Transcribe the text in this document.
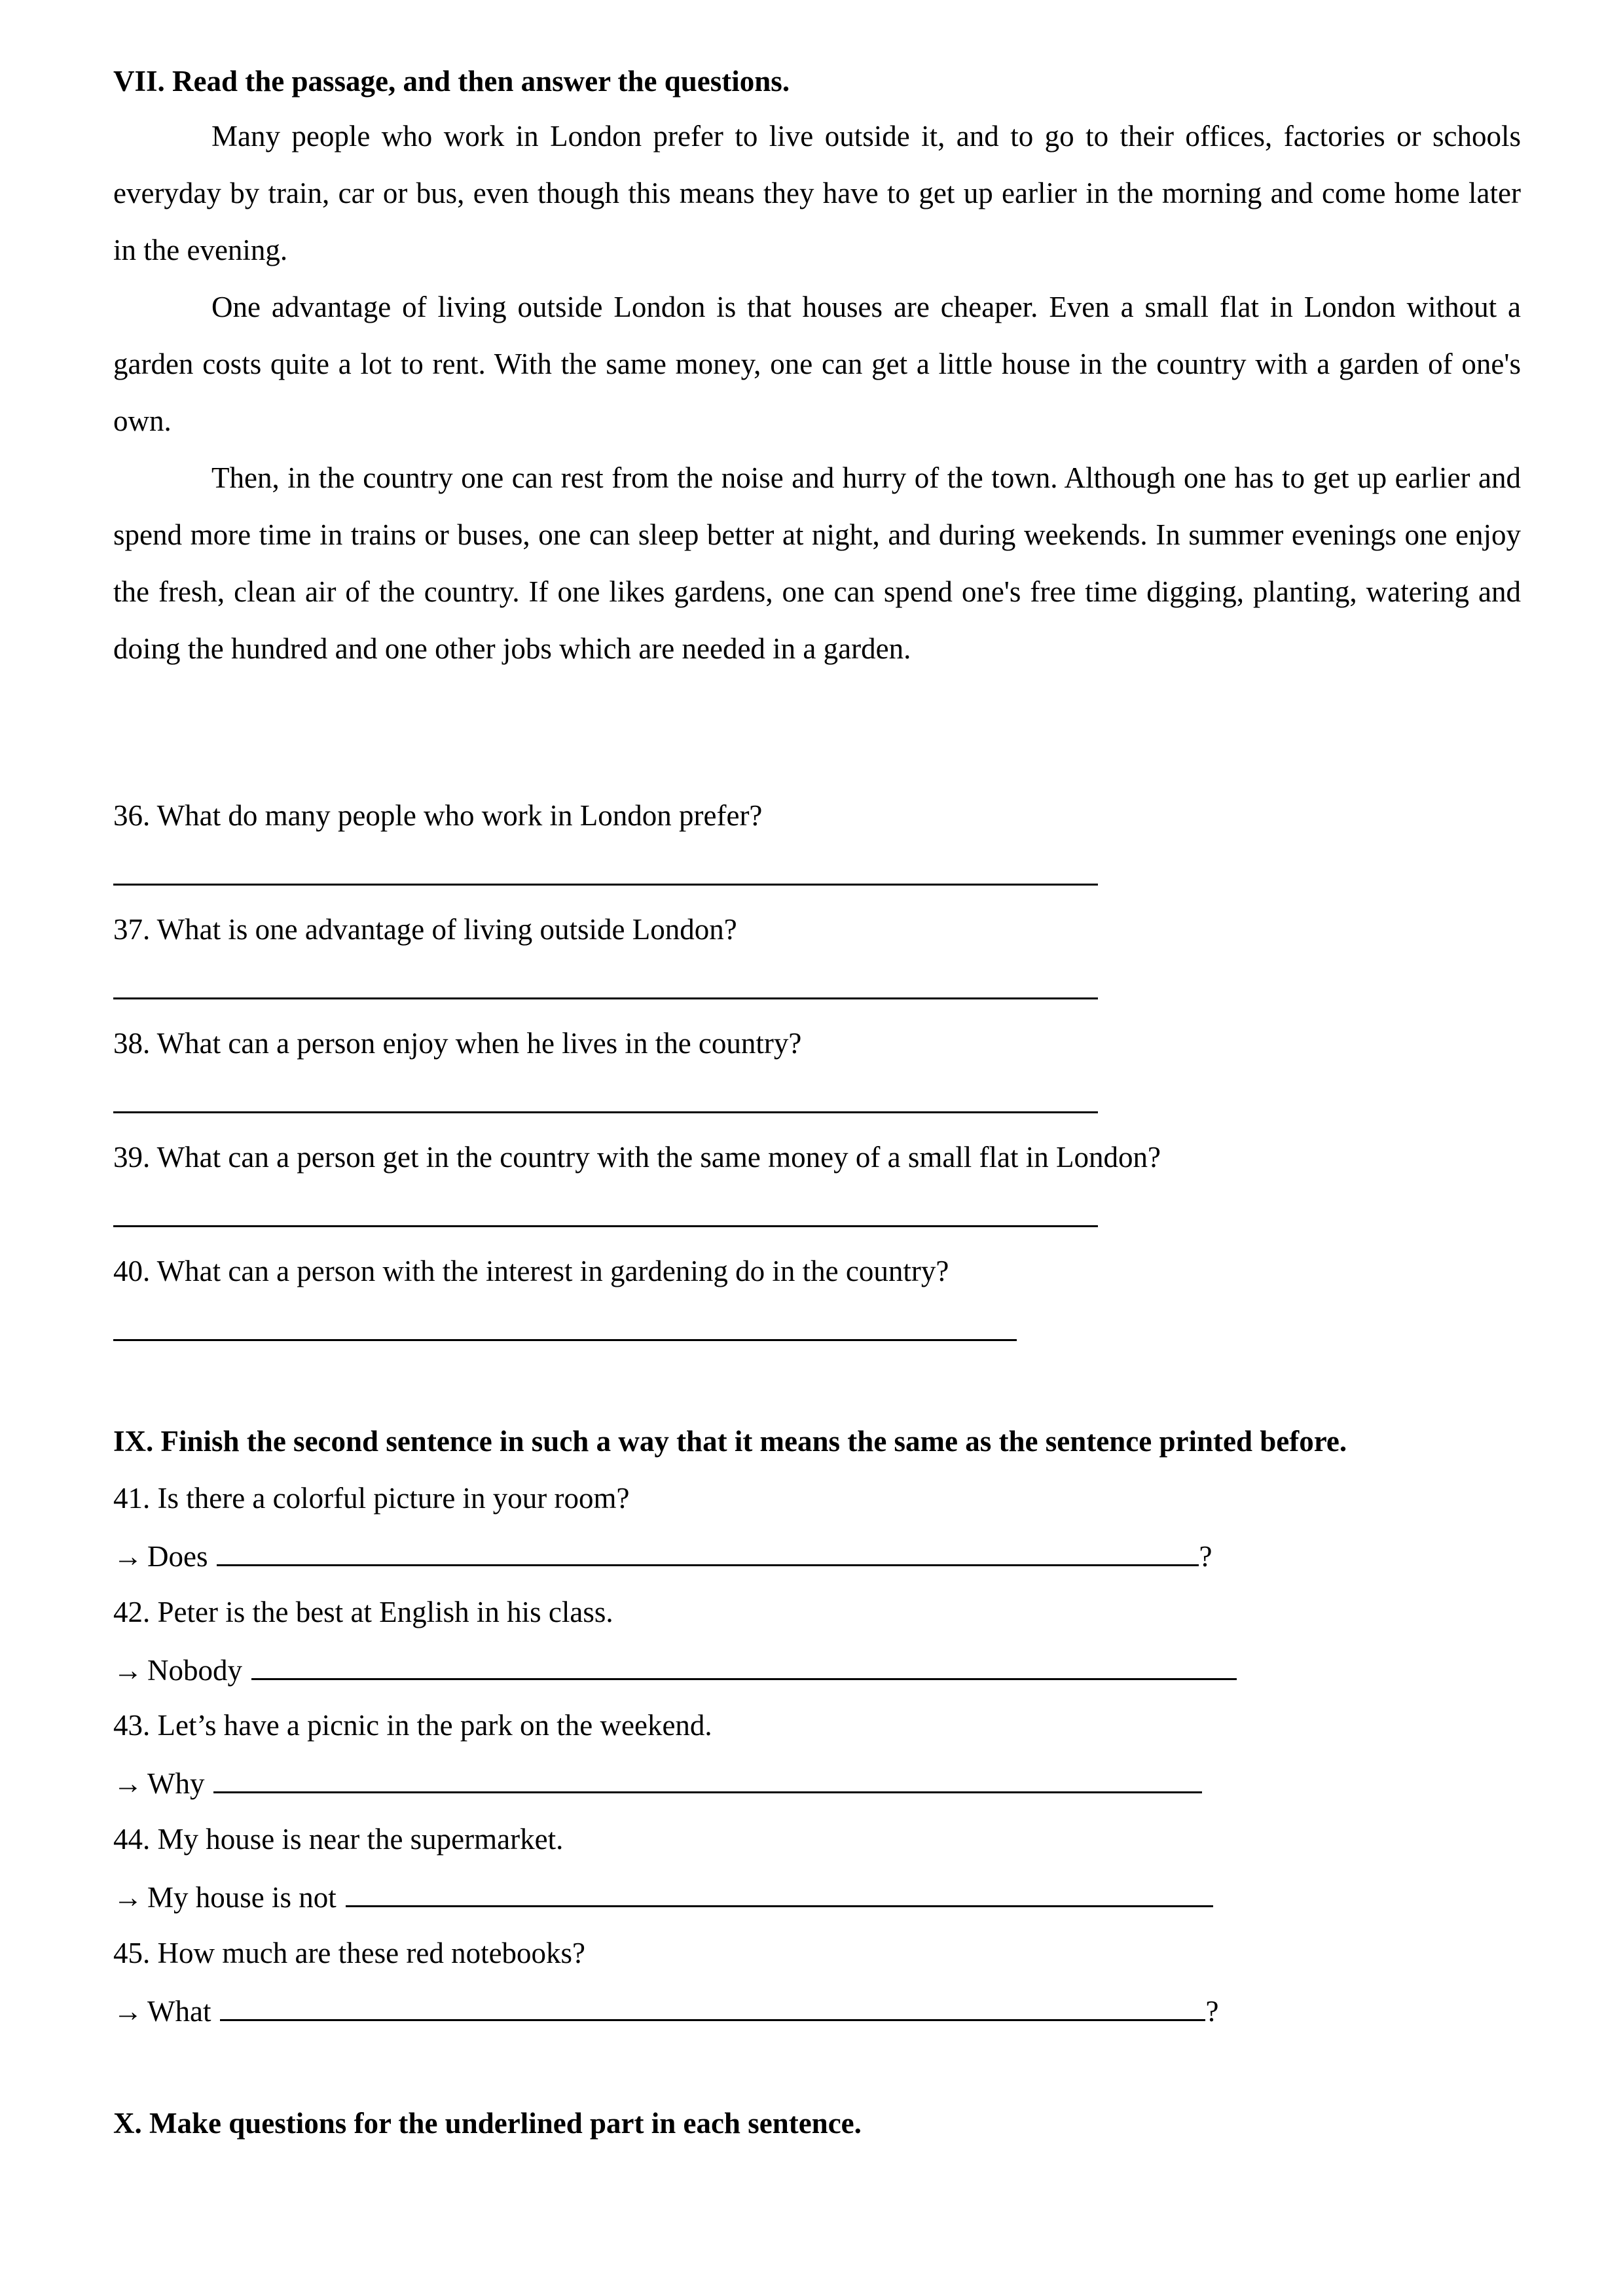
VII. Read the passage, and then answer the questions.

Many people who work in London prefer to live outside it, and to go to their offices, factories or schools everyday by train, car or bus, even though this means they have to get up earlier in the morning and come home later in the evening.

One advantage of living outside London is that houses are cheaper. Even a small flat in London without a garden costs quite a lot to rent. With the same money, one can get a little house in the country with a garden of one's own.

Then, in the country one can rest from the noise and hurry of the town. Although one has to get up earlier and spend more time in trains or buses, one can sleep better at night, and during weekends. In summer evenings one enjoy the fresh, clean air of the country. If one likes gardens, one can spend one's free time digging, planting, watering and doing the hundred and one other jobs which are needed in a garden.

36. What do many people who work in London prefer?
37. What is one advantage of living outside London?
38. What can a person enjoy when he lives in the country?
39. What can a person get in the country with the same money of a small flat in London?
40. What can a person with the interest in gardening do in the country?
IX. Finish the second sentence in such a way that it means the same as the sentence printed before.
41. Is there a colorful picture in your room?
→ Does	?
42. Peter is the best at English in his class.
→ Nobody
43. Let’s have a picnic in the park on the weekend.
→ Why
44. My house is near the supermarket.
→ My house is not
45. How much are these red notebooks?
→ What	?
X. Make questions for the underlined part in each sentence.
